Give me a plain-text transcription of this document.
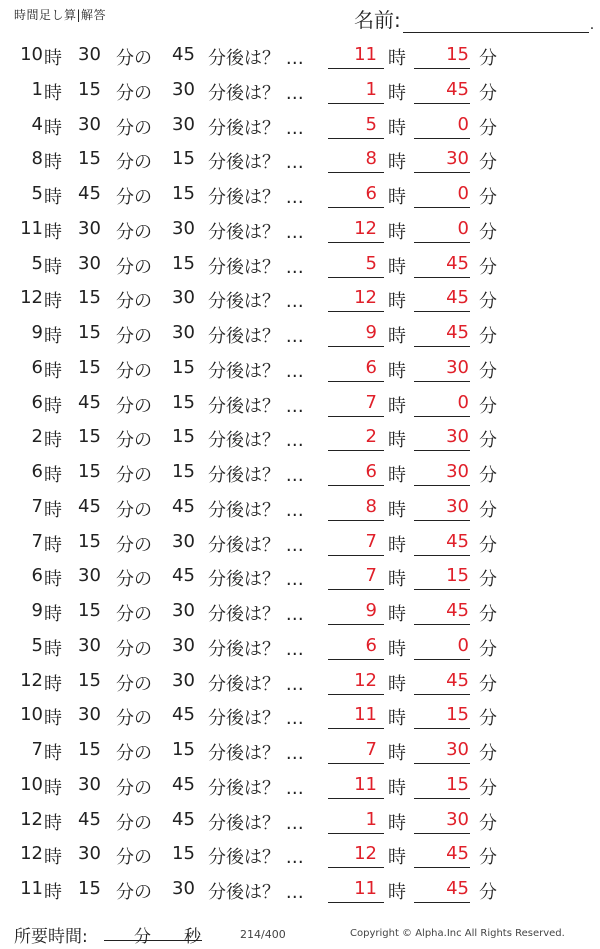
時間足し算|解答	名前:	.
10 時 30 分の 45 分後は？ …	11 時 15 分
1 時 15 分の 30 分後は？ …	1 時 45 分
4 時 30 分の 30 分後は？ …	5 時	0 分
8 時 15 分の 15 分後は？ …	8 時 30 分
5 時 45 分の 15 分後は？ …	6 時	0 分
11 時 30 分の 30 分後は？ …	12 時	0 分
5 時 30 分の 15 分後は？ …	5 時 45 分
12 時 15 分の 30 分後は？ …	12 時 45 分
9 時 15 分の 30 分後は？ …	9 時 45 分
6 時 15 分の 15 分後は？ …	6 時 30 分
6 時 45 分の 15 分後は？ …	7 時	0 分
2 時 15 分の 15 分後は？ …	2 時 30 分
6 時 15 分の 15 分後は？ …	6 時 30 分
7 時 45 分の 45 分後は？ …	8 時 30 分
7 時 15 分の 30 分後は？ …	7 時 45 分
6 時 30 分の 45 分後は？ …	7 時 15 分
9 時 15 分の 30 分後は？ …	9 時 45 分
5 時 30 分の 30 分後は？ …	6 時	0 分
12 時 15 分の 30 分後は？ …	12 時 45 分
10 時 30 分の 45 分後は？ …	11 時 15 分
7 時 15 分の 15 分後は？ …	7 時 30 分
10 時 30 分の 45 分後は？ …	11 時 15 分
12 時 45 分の 45 分後は？ …	1 時 30 分
12 時 30 分の 15 分後は？ …	12 時 45 分
11 時 15 分の 30 分後は？ …	11 時 45 分
所要時間:	分 秒	214/400	Copyright © Alpha.Inc All Rights Reserved.
